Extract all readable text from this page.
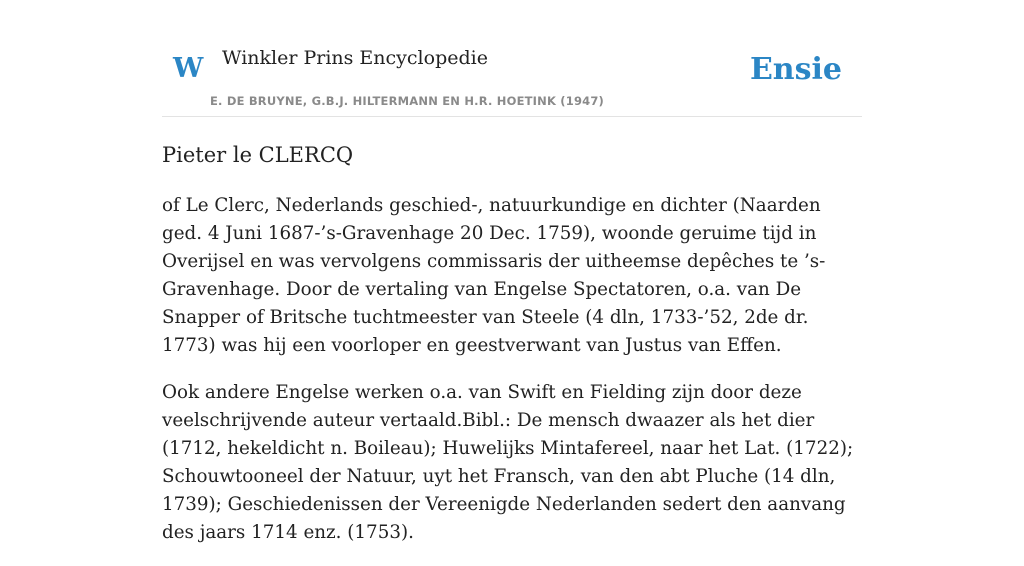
W Winkler Prins Encyclopedie
E. DE BRUYNE, G.B.J. HILTERMANN EN H.R. HOETINK (1947)
Ensie
Pieter le CLERCQ

of Le Clerc, Nederlands geschied-, natuurkundige en dichter (Naarden ged. 4 Juni 1687-’s-Gravenhage 20 Dec. 1759), woonde geruime tijd in Overijsel en was vervolgens commissaris der uitheemse depêches te ’s-Gravenhage. Door de vertaling van Engelse Spectatoren, o.a. van De Snapper of Britsche tuchtmeester van Steele (4 dln, 1733-’52, 2de dr. 1773) was hij een voorloper en geestverwant van Justus van Effen.

Ook andere Engelse werken o.a. van Swift en Fielding zijn door deze veelschrijvende auteur vertaald.Bibl.: De mensch dwaazer als het dier (1712, hekeldicht n. Boileau); Huwelijks Mintafereel, naar het Lat. (1722); Schouwtooneel der Natuur, uyt het Fransch, van den abt Pluche (14 dln, 1739); Geschiedenissen der Vereenigde Nederlanden sedert den aanvang des jaars 1714 enz. (1753).
